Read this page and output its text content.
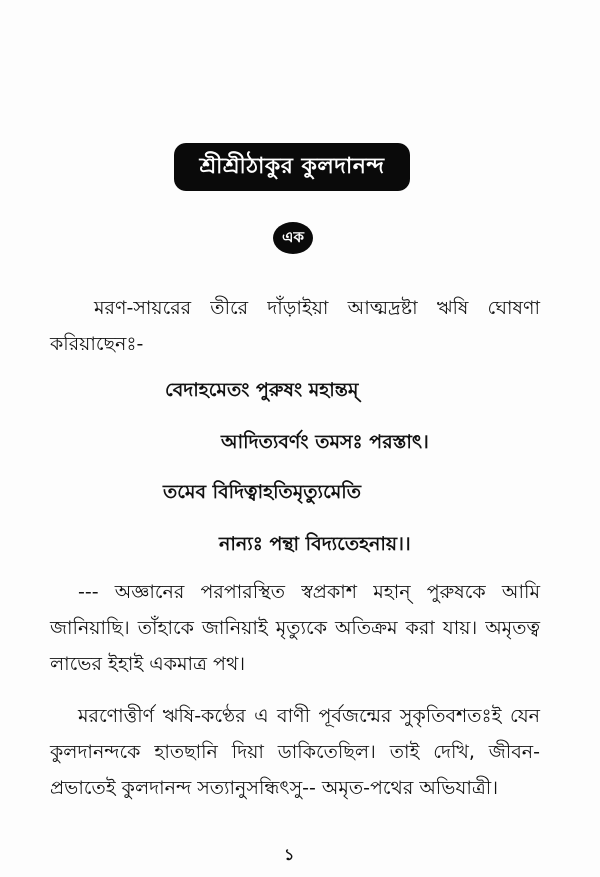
শ্রীশ্রীঠাকুর কুলদানন্দ
এক
মরণ-সায়রের তীরে দাঁড়াইয়া আত্মদ্রষ্টা ঋষি ঘোষণা
করিয়াছেনঃ-
বেদাহমেতং পুরুষং মহান্তম্
আদিত্যবর্ণং তমসঃ পরস্তাৎ।
তমেব বিদিত্বাহতিমৃত্যুমেতি
নান্যঃ পন্থা বিদ্যতেহনায়।।
--- অজ্ঞানের পরপারস্থিত স্বপ্রকাশ মহান্ পুরুষকে আমি
জানিয়াছি। তাঁহাকে জানিয়াই মৃত্যুকে অতিক্রম করা যায়। অমৃতত্ব
লাভের ইহাই একমাত্র পথ।
মরণোত্তীর্ণ ঋষি-কণ্ঠের এ বাণী পূর্বজন্মের সুকৃতিবশতঃই যেন
কুলদানন্দকে হাতছানি দিয়া ডাকিতেছিল। তাই দেখি, জীবন-
প্রভাতেই কুলদানন্দ সত্যানুসন্ধিৎসু-- অমৃত-পথের অভিযাত্রী।
১
